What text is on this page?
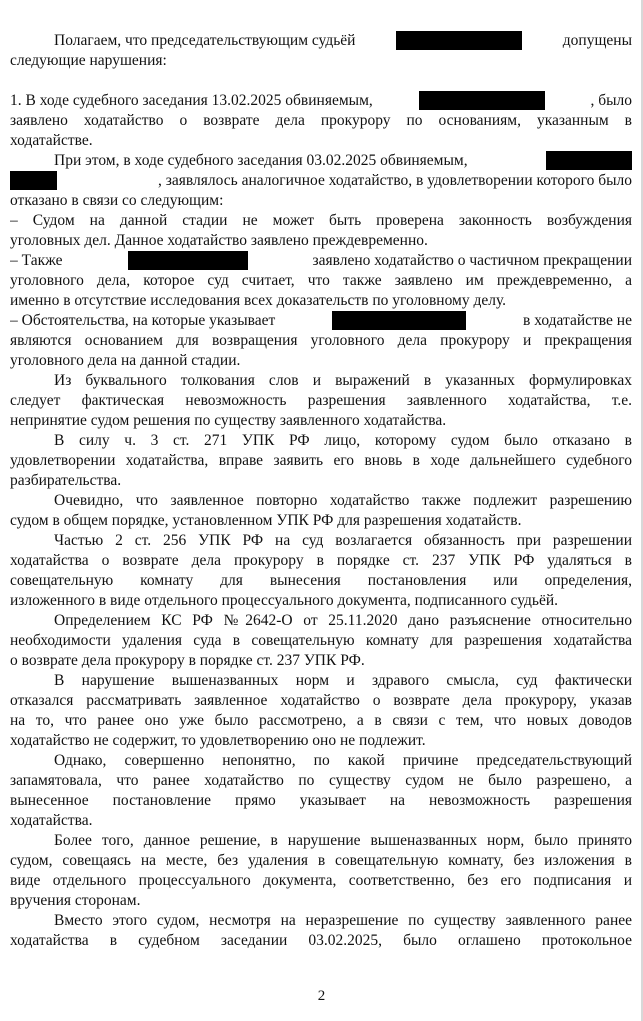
Полагаем, что председательствующим судьёй	допущены
следующие нарушения:
1. В ходе судебного заседания 13.02.2025 обвиняемым,	, было
заявлено ходатайство о возврате дела прокурору по основаниям, указанным в
ходатайстве.
При этом, в ходе судебного заседания 03.02.2025 обвиняемым,
, заявлялось аналогичное ходатайство, в удовлетворении которого было
отказано в связи со следующим:
– Судом на данной стадии не может быть проверена законность возбуждения
уголовных дел. Данное ходатайство заявлено преждевременно.
– Также	заявлено ходатайство о частичном прекращении
уголовного дела, которое суд считает, что также заявлено им преждевременно, а
именно в отсутствие исследования всех доказательств по уголовному делу.
– Обстоятельства, на которые указывает	в ходатайстве не
являются основанием для возвращения уголовного дела прокурору и прекращения
уголовного дела на данной стадии.
Из буквального толкования слов и выражений в указанных формулировках
следует фактическая невозможность разрешения заявленного ходатайства, т.е.
непринятие судом решения по существу заявленного ходатайства.
В силу ч. 3 ст. 271 УПК РФ лицо, которому судом было отказано в
удовлетворении ходатайства, вправе заявить его вновь в ходе дальнейшего судебного
разбирательства.
Очевидно, что заявленное повторно ходатайство также подлежит разрешению
судом в общем порядке, установленном УПК РФ для разрешения ходатайств.
Частью 2 ст. 256 УПК РФ на суд возлагается обязанность при разрешении
ходатайства о возврате дела прокурору в порядке ст. 237 УПК РФ удаляться в
совещательную комнату для вынесения постановления или определения,
изложенного в виде отдельного процессуального документа, подписанного судьёй.
Определением КС РФ №2642-О от 25.11.2020 дано разъяснение относительно
необходимости удаления суда в совещательную комнату для разрешения ходатайства
о возврате дела прокурору в порядке ст. 237 УПК РФ.
В нарушение вышеназванных норм и здравого смысла, суд фактически
отказался рассматривать заявленное ходатайство о возврате дела прокурору, указав
на то, что ранее оно уже было рассмотрено, а в связи с тем, что новых доводов
ходатайство не содержит, то удовлетворению оно не подлежит.
Однако, совершенно непонятно, по какой причине председательствующий
запамятовала, что ранее ходатайство по существу судом не было разрешено, а
вынесенное постановление прямо указывает на невозможность разрешения
ходатайства.
Более того, данное решение, в нарушение вышеназванных норм, было принято
судом, совещаясь на месте, без удаления в совещательную комнату, без изложения в
виде отдельного процессуального документа, соответственно, без его подписания и
вручения сторонам.
Вместо этого судом, несмотря на неразрешение по существу заявленного ранее
ходатайства в судебном заседании 03.02.2025, было оглашено протокольное
2
